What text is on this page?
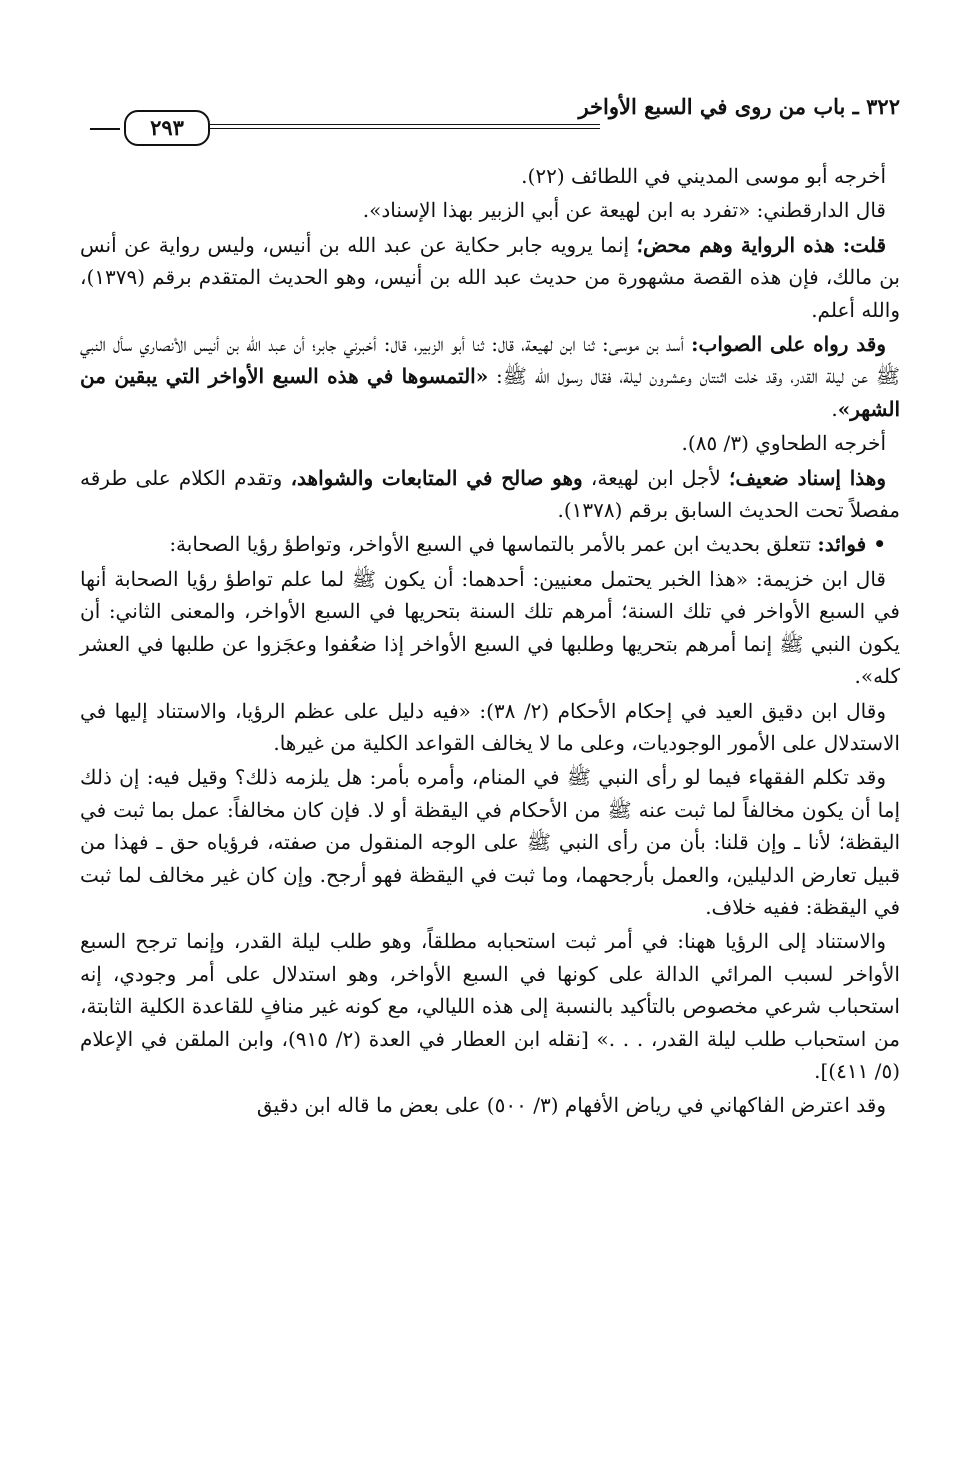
٣٢٢ ـ باب من روى في السبع الأواخر
٢٩٣

أخرجه أبو موسى المديني في اللطائف (٢٢).

قال الدارقطني: «تفرد به ابن لهيعة عن أبي الزبير بهذا الإسناد».

قلت: هذه الرواية وهم محض؛ إنما يرويه جابر حكاية عن عبد الله بن أنيس، وليس رواية عن أنس بن مالك، فإن هذه القصة مشهورة من حديث عبد الله بن أنيس، وهو الحديث المتقدم برقم (١٣٧٩)، والله أعلم.

وقد رواه على الصواب: أسد بن موسى: ثنا ابن لهيعة، قال: ثنا أبو الزبير، قال: أخبرني جابر؛ أن عبد الله بن أنيس الأنصاري سأل النبي ﷺ عن ليلة القدر، وقد خلت اثنتان وعشرون ليلة، فقال رسول الله ﷺ: «التمسوها في هذه السبع الأواخر التي يبقين من الشهر».

أخرجه الطحاوي (٣/ ٨٥).

وهذا إسناد ضعيف؛ لأجل ابن لهيعة، وهو صالح في المتابعات والشواهد، وتقدم الكلام على طرقه مفصلاً تحت الحديث السابق برقم (١٣٧٨).

• فوائد: تتعلق بحديث ابن عمر بالأمر بالتماسها في السبع الأواخر، وتواطؤ رؤيا الصحابة:

قال ابن خزيمة: «هذا الخبر يحتمل معنيين: أحدهما: أن يكون ﷺ لما علم تواطؤ رؤيا الصحابة أنها في السبع الأواخر في تلك السنة؛ أمرهم تلك السنة بتحريها في السبع الأواخر، والمعنى الثاني: أن يكون النبي ﷺ إنما أمرهم بتحريها وطلبها في السبع الأواخر إذا ضعُفوا وعجَزوا عن طلبها في العشر كله».

وقال ابن دقيق العيد في إحكام الأحكام (٢/ ٣٨): «فيه دليل على عظم الرؤيا، والاستناد إليها في الاستدلال على الأمور الوجوديات، وعلى ما لا يخالف القواعد الكلية من غيرها.

وقد تكلم الفقهاء فيما لو رأى النبي ﷺ في المنام، وأمره بأمر: هل يلزمه ذلك؟ وقيل فيه: إن ذلك إما أن يكون مخالفاً لما ثبت عنه ﷺ من الأحكام في اليقظة أو لا. فإن كان مخالفاً: عمل بما ثبت في اليقظة؛ لأنا ـ وإن قلنا: بأن من رأى النبي ﷺ على الوجه المنقول من صفته، فرؤياه حق ـ فهذا من قبيل تعارض الدليلين، والعمل بأرجحهما، وما ثبت في اليقظة فهو أرجح. وإن كان غير مخالف لما ثبت في اليقظة: ففيه خلاف.

والاستناد إلى الرؤيا ههنا: في أمر ثبت استحبابه مطلقاً، وهو طلب ليلة القدر، وإنما ترجح السبع الأواخر لسبب المرائي الدالة على كونها في السبع الأواخر، وهو استدلال على أمر وجودي، إنه استحباب شرعي مخصوص بالتأكيد بالنسبة إلى هذه الليالي، مع كونه غير منافٍ للقاعدة الكلية الثابتة، من استحباب طلب ليلة القدر، . . .» [نقله ابن العطار في العدة (٢/ ٩١٥)، وابن الملقن في الإعلام (٥/ ٤١١)].

وقد اعترض الفاكهاني في رياض الأفهام (٣/ ٥٠٠) على بعض ما قاله ابن دقيق
